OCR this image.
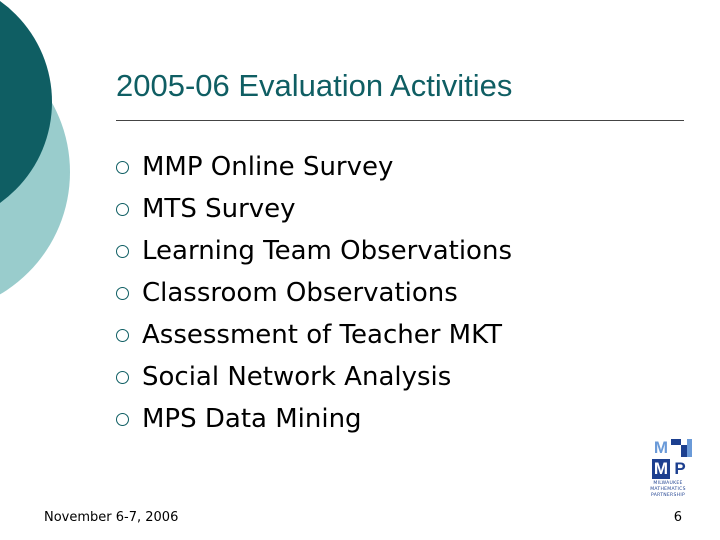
2005-06 Evaluation Activities
MMP Online Survey
MTS Survey
Learning Team Observations
Classroom Observations
Assessment of Teacher MKT
Social Network Analysis
MPS Data Mining
M
M P
MILWAUKEE MATHEMATICS PARTNERSHIP
November 6-7, 2006	6
